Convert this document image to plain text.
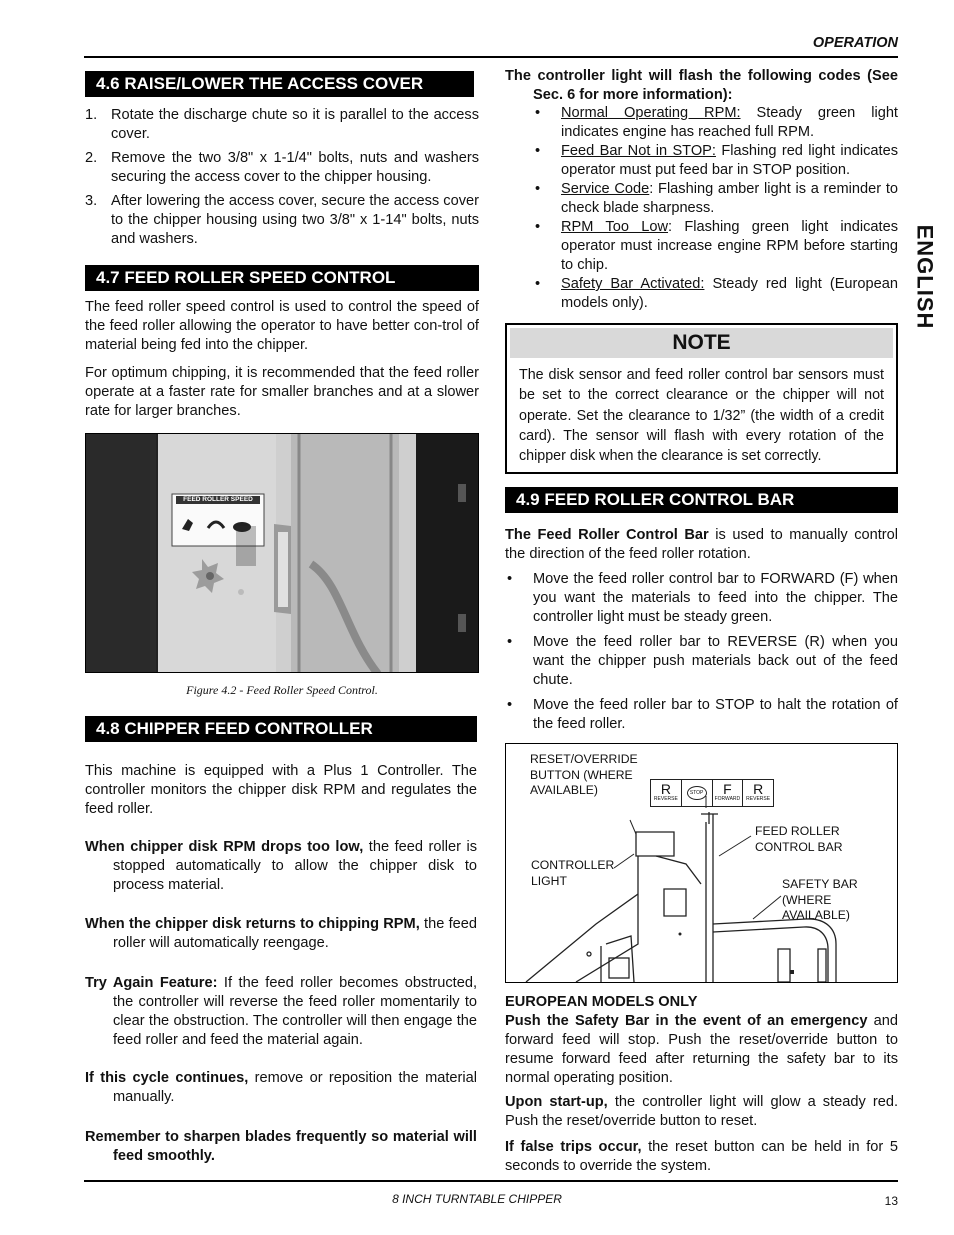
OPERATION
ENGLISH
8 INCH TURNTABLE CHIPPER	13
4.6 RAISE/LOWER THE ACCESS COVER
1. Rotate the discharge chute so it is parallel to the access cover.
2. Remove the two 3/8" x 1-1/4" bolts, nuts and washers securing the access cover to the chipper housing.
3. After lowering the access cover, secure the access cover to the chipper housing using two 3/8" x 1-14" bolts, nuts and washers.
4.7 FEED ROLLER SPEED CONTROL
The feed roller speed control is used to control the speed of the feed roller allowing the operator to have better con-trol of material being fed into the chipper.
For optimum chipping, it is recommended that the feed roller operate at a faster rate for smaller branches and at a slower rate for larger branches.
FEED ROLLER SPEED
Figure 4.2 - Feed Roller Speed Control.
4.8 CHIPPER FEED CONTROLLER
This machine is equipped with a Plus 1 Controller. The controller monitors the chipper disk RPM and regulates the feed roller.
When chipper disk RPM drops too low, the feed roller is stopped automatically to allow the chipper disk to process material.
When the chipper disk returns to chipping RPM, the feed roller will automatically reengage.
Try Again Feature: If the feed roller becomes obstructed, the controller will reverse the feed roller momentarily to clear the obstruction. The controller will then engage the feed roller and feed the material again.
If this cycle continues, remove or reposition the material manually.
Remember to sharpen blades frequently so material will feed smoothly.
The controller light will flash the following codes (See Sec. 6 for more information):
• Normal Operating RPM: Steady green light indicates engine has reached full RPM.
• Feed Bar Not in STOP: Flashing red light indicates operator must put feed bar in STOP position.
• Service Code: Flashing amber light is a reminder to check blade sharpness.
• RPM Too Low: Flashing green light indicates operator must increase engine RPM before starting to chip.
• Safety Bar Activated: Steady red light (European models only).
NOTE
The disk sensor and feed roller control bar sensors must be set to the correct clearance or the chipper will not operate. Set the clearance to 1/32” (the width of a credit card). The sensor will flash with every rotation of the chipper disk when the clearance is set correctly.
4.9 FEED ROLLER CONTROL BAR
The Feed Roller Control Bar is used to manually control the direction of the feed roller rotation.
• Move the feed roller control bar to FORWARD (F) when you want the materials to feed into the chipper. The controller light must be steady green.
• Move the feed roller bar to REVERSE (R) when you want the chipper push materials back out of the feed chute.
• Move the feed roller bar to STOP to halt the rotation of the feed roller.
RESET/OVERRIDE
BUTTON (WHERE
AVAILABLE)
CONTROLLER
LIGHT
FEED ROLLER
CONTROL BAR
SAFETY BAR
(WHERE
AVAILABLE)
R
REVERSE
STOP	F
FORWARD
R
REVERSE
EUROPEAN MODELS ONLY
Push the Safety Bar in the event of an emergency and forward feed will stop. Push the reset/override button to resume forward feed after returning the safety bar to its normal operating position.
Upon start-up, the controller light will glow a steady red. Push the reset/override button to reset.
If false trips occur, the reset button can be held in for 5 seconds to override the system.
